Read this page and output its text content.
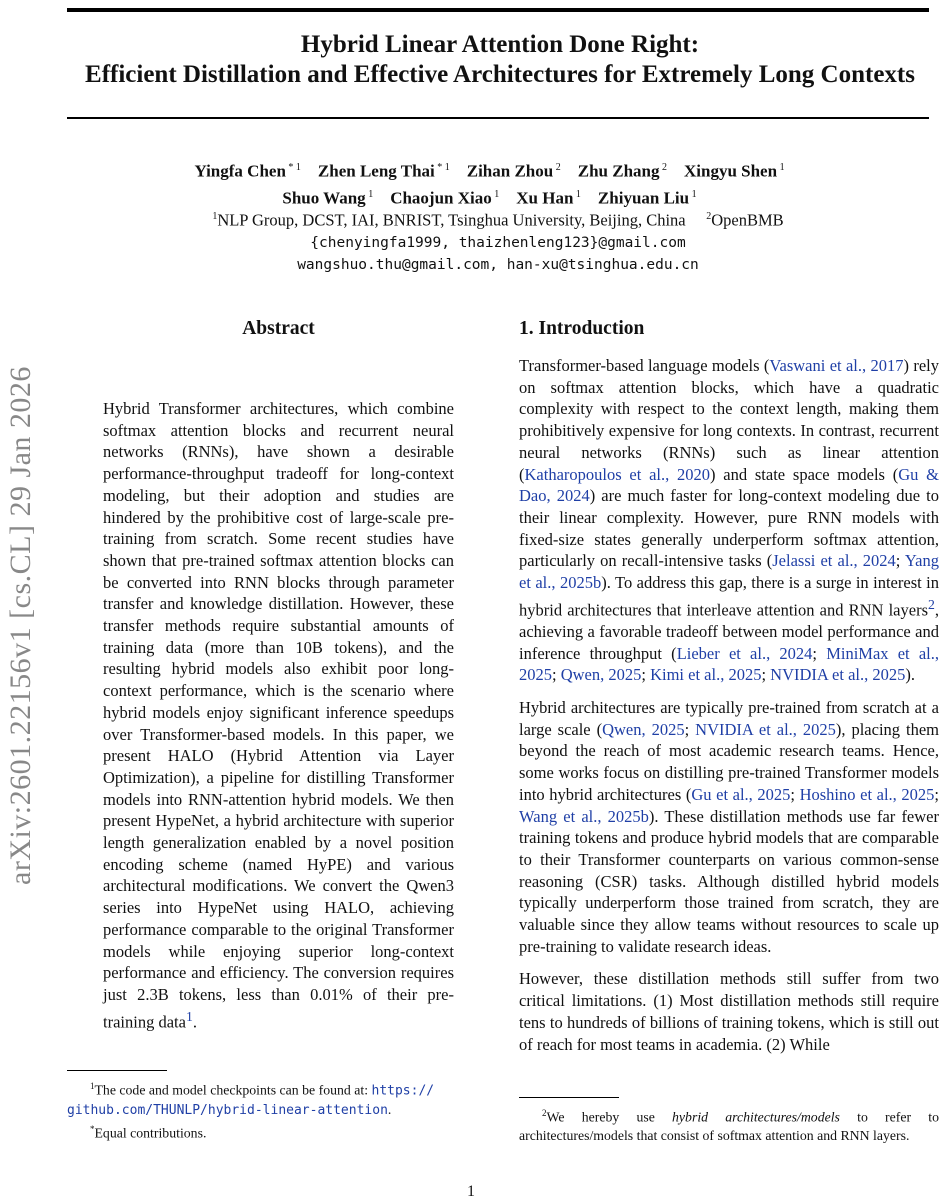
Hybrid Linear Attention Done Right:
Efficient Distillation and Effective Architectures for Extremely Long Contexts
Yingfa Chen $^{* 1}$  Zhen Leng Thai $^{* 1}$  Zihan Zhou $^2$  Zhu Zhang $^2$  Xingyu Shen $^1$ 
Shuo Wang $^1$  Chaojun Xiao $^1$  Xu Han $^1$  Zhiyuan Liu $^1$ 
$^1$NLP Group, DCST, IAI, BNRIST, Tsinghua University, Beijing, China $^2$OpenBMB
{chenyingfa1999, thaizhenleng123}@gmail.com
wangshuo.thu@gmail.com, han-xu@tsinghua.edu.cn
arXiv:2601.22156v1 [cs.CL] 29 Jan 2026
Abstract

Hybrid Transformer architectures, which combine softmax attention blocks and recurrent neural networks (RNNs), have shown a desirable performance-throughput tradeoff for long-context modeling, but their adoption and studies are hindered by the prohibitive cost of large-scale pre-training from scratch. Some recent studies have shown that pre-trained softmax attention blocks can be converted into RNN blocks through parameter transfer and knowledge distillation. However, these transfer methods require substantial amounts of training data (more than 10B tokens), and the resulting hybrid models also exhibit poor long-context performance, which is the scenario where hybrid models enjoy significant inference speedups over Transformer-based models. In this paper, we present HALO (Hybrid Attention via Layer Optimization), a pipeline for distilling Transformer models into RNN-attention hybrid models. We then present HypeNet, a hybrid architecture with superior length generalization enabled by a novel position encoding scheme (named HyPE) and various architectural modifications. We convert the Qwen3 series into HypeNet using HALO, achieving performance comparable to the original Transformer models while enjoying superior long-context performance and efficiency. The conversion requires just 2.3B tokens, less than 0.01% of their pre-training data$^1$.

1. Introduction

Transformer-based language models (Vaswani et al., 2017) rely on softmax attention blocks, which have a quadratic complexity with respect to the context length, making them prohibitively expensive for long contexts. In contrast, recurrent neural networks (RNNs) such as linear attention (Katharopoulos et al., 2020) and state space models (Gu & Dao, 2024) are much faster for long-context modeling due to their linear complexity. However, pure RNN models with fixed-size states generally underperform softmax attention, particularly on recall-intensive tasks (Jelassi et al., 2024; Yang et al., 2025b). To address this gap, there is a surge in interest in hybrid architectures that interleave attention and RNN layers$^2$, achieving a favorable tradeoff between model performance and inference throughput (Lieber et al., 2024; MiniMax et al., 2025; Qwen, 2025; Kimi et al., 2025; NVIDIA et al., 2025).

Hybrid architectures are typically pre-trained from scratch at a large scale (Qwen, 2025; NVIDIA et al., 2025), placing them beyond the reach of most academic research teams. Hence, some works focus on distilling pre-trained Transformer models into hybrid architectures (Gu et al., 2025; Hoshino et al., 2025; Wang et al., 2025b). These distillation methods use far fewer training tokens and produce hybrid models that are comparable to their Transformer counterparts on various common-sense reasoning (CSR) tasks. Although distilled hybrid models typically underperform those trained from scratch, they are valuable since they allow teams without resources to scale up pre-training to validate research ideas.

However, these distillation methods still suffer from two critical limitations. (1) Most distillation methods still require tens to hundreds of billions of training tokens, which is still out of reach for most teams in academia. (2) While

$^1$The code and model checkpoints can be found at: https://
github.com/THUNLP/hybrid-linear-attention.
*Equal contributions.
$^2$We hereby use hybrid architectures/models to refer to architectures/models that consist of softmax attention and RNN layers.
1
